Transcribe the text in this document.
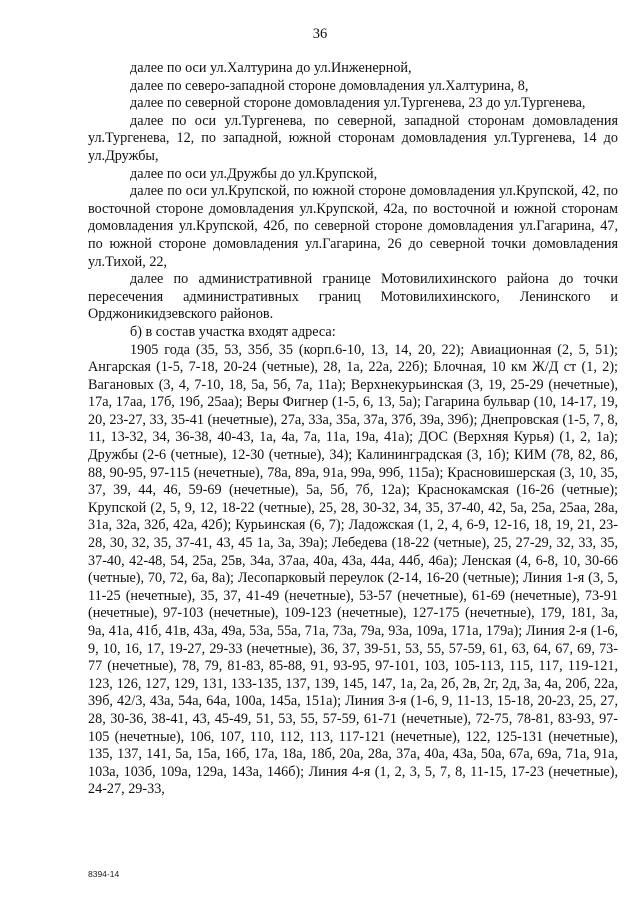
36

далее по оси ул.Халтурина до ул.Инженерной,

далее по северо-западной стороне домовладения ул.Халтурина, 8,

далее по северной стороне домовладения ул.Тургенева, 23 до ул.Тургенева,

далее по оси ул.Тургенева, по северной, западной сторонам домовладения ул.Тургенева, 12, по западной, южной сторонам домовладения ул.Тургенева, 14 до ул.Дружбы,

далее по оси ул.Дружбы до ул.Крупской,

далее по оси ул.Крупской, по южной стороне домовладения ул.Крупской, 42, по восточной стороне домовладения ул.Крупской, 42а, по восточной и южной сторонам домовладения ул.Крупской, 42б, по северной стороне домовладения ул.Гагарина, 47, по южной стороне домовладения ул.Гагарина, 26 до северной точки домовладения ул.Тихой, 22,

далее по административной границе Мотовилихинского района до точки пересечения административных границ Мотовилихинского, Ленинского и Орджоникидзевского районов.

б) в состав участка входят адреса:

1905 года (35, 53, 35б, 35 (корп.6-10, 13, 14, 20, 22); Авиационная (2, 5, 51); Ангарская (1-5, 7-18, 20-24 (четные), 28, 1а, 22а, 22б); Блочная, 10 км Ж/Д ст (1, 2); Вагановых (3, 4, 7-10, 18, 5а, 5б, 7а, 11а); Верхнекурьинская (3, 19, 25-29 (нечетные), 17а, 17аа, 17б, 19б, 25аа); Веры Фигнер (1-5, 6, 13, 5а); Гагарина бульвар (10, 14-17, 19, 20, 23-27, 33, 35-41 (нечетные), 27а, 33а, 35а, 37а, 37б, 39а, 39б); Днепровская (1-5, 7, 8, 11, 13-32, 34, 36-38, 40-43, 1а, 4а, 7а, 11а, 19а, 41а); ДОС (Верхняя Курья) (1, 2, 1а); Дружбы (2-6 (четные), 12-30 (четные), 34); Калининградская (3, 1б); КИМ (78, 82, 86, 88, 90-95, 97-115 (нечетные), 78а, 89а, 91а, 99а, 99б, 115а); Красновишерская (3, 10, 35, 37, 39, 44, 46, 59-69 (нечетные), 5а, 5б, 7б, 12а); Краснокамская (16-26 (четные); Крупской (2, 5, 9, 12, 18-22 (четные), 25, 28, 30-32, 34, 35, 37-40, 42, 5а, 25а, 25аа, 28а, 31а, 32а, 32б, 42а, 42б); Курьинская (6, 7); Ладожская (1, 2, 4, 6-9, 12-16, 18, 19, 21, 23-28, 30, 32, 35, 37-41, 43, 45 1а, 3а, 39а); Лебедева (18-22 (четные), 25, 27-29, 32, 33, 35, 37-40, 42-48, 54, 25а, 25в, 34а, 37аа, 40а, 43а, 44а, 44б, 46а); Ленская (4, 6-8, 10, 30-66 (четные), 70, 72, 6а, 8а); Лесопарковый переулок (2-14, 16-20 (четные); Линия 1-я (3, 5, 11-25 (нечетные), 35, 37, 41-49 (нечетные), 53-57 (нечетные), 61-69 (нечетные), 73-91 (нечетные), 97-103 (нечетные), 109-123 (нечетные), 127-175 (нечетные), 179, 181, 3а, 9а, 41а, 41б, 41в, 43а, 49а, 53а, 55а, 71а, 73а, 79а, 93а, 109а, 171а, 179а); Линия 2-я (1-6, 9, 10, 16, 17, 19-27, 29-33 (нечетные), 36, 37, 39-51, 53, 55, 57-59, 61, 63, 64, 67, 69, 73-77 (нечетные), 78, 79, 81-83, 85-88, 91, 93-95, 97-101, 103, 105-113, 115, 117, 119-121, 123, 126, 127, 129, 131, 133-135, 137, 139, 145, 147, 1а, 2а, 2б, 2в, 2г, 2д, 3а, 4а, 20б, 22а, 39б, 42/3, 43а, 54а, 64а, 100а, 145а, 151а); Линия 3-я (1-6, 9, 11-13, 15-18, 20-23, 25, 27, 28, 30-36, 38-41, 43, 45-49, 51, 53, 55, 57-59, 61-71 (нечетные), 72-75, 78-81, 83-93, 97-105 (нечетные), 106, 107, 110, 112, 113, 117-121 (нечетные), 122, 125-131 (нечетные), 135, 137, 141, 5а, 15а, 16б, 17а, 18а, 18б, 20а, 28а, 37а, 40а, 43а, 50а, 67а, 69а, 71а, 91а, 103а, 103б, 109а, 129а, 143а, 146б); Линия 4-я (1, 2, 3, 5, 7, 8, 11-15, 17-23 (нечетные), 24-27, 29-33,

8394-14
